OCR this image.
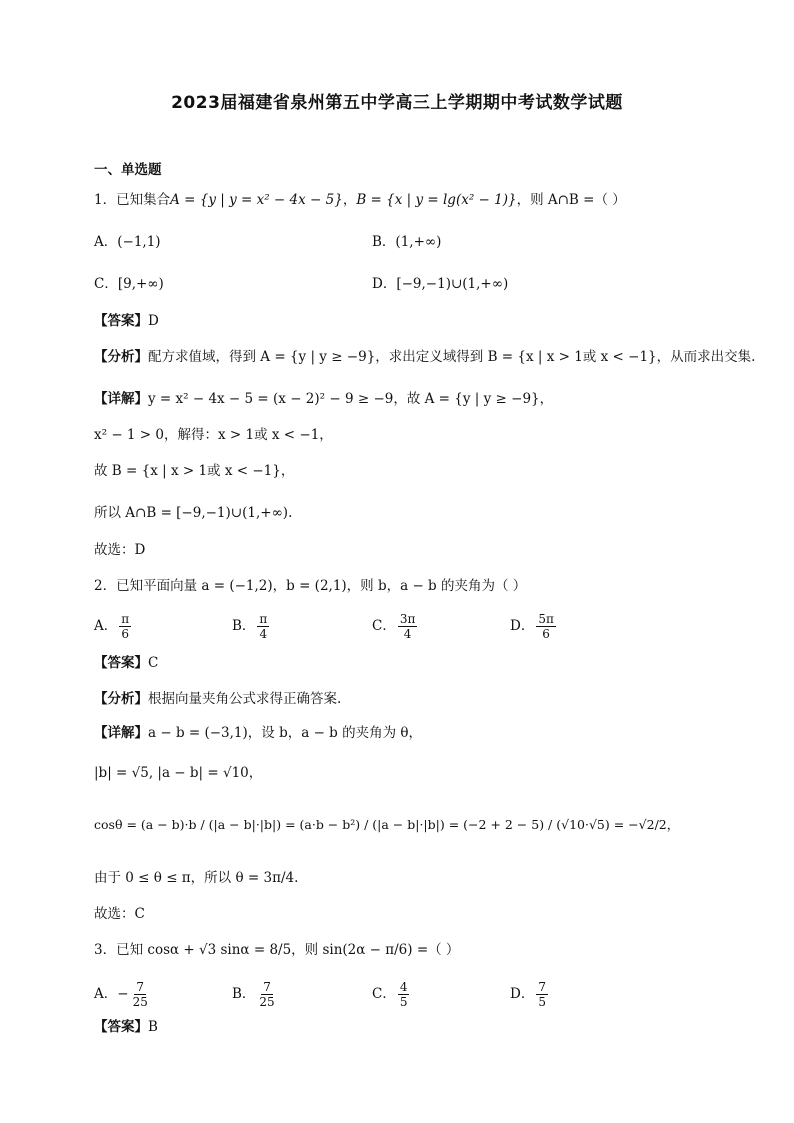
2023届福建省泉州第五中学高三上学期期中考试数学试题
一、单选题
1．已知集合A = {y | y = x² − 4x − 5}，B = {x | y = lg(x² − 1)}，则 A∩B =（ ）
A．(−1,1)	B．(1,+∞)
C．[9,+∞)	D．[−9,−1)∪(1,+∞)
【答案】D
【分析】配方求值域，得到 A = {y | y ≥ −9}，求出定义域得到 B = {x | x > 1或 x < −1}，从而求出交集.
【详解】y = x² − 4x − 5 = (x − 2)² − 9 ≥ −9，故 A = {y | y ≥ −9}，
x² − 1 > 0，解得：x > 1或 x < −1，
故 B = {x | x > 1或 x < −1}，
所以 A∩B = [−9,−1)∪(1,+∞).
故选：D
2．已知平面向量 a = (−1,2)，b = (2,1)，则 b，a − b 的夹角为（ ）
A． $\frac{\pi}{6}$	B． $\frac{\pi}{4}$	C． $\frac{3\pi}{4}$	D． $\frac{5\pi}{6}$
【答案】C
【分析】根据向量夹角公式求得正确答案.
【详解】a − b = (−3,1)，设 b，a − b 的夹角为 θ，
|b| = √5, |a − b| = √10，
cosθ = (a − b)·b / (|a − b|·|b|) = (a·b − b²) / (|a − b|·|b|) = (−2 + 2 − 5) / (√10·√5) = −√2/2，
由于 0 ≤ θ ≤ π，所以 θ = 3π/4.
故选：C
3．已知 cosα + √3 sinα = 8/5，则 sin(2α − π/6) =（ ）
A．− $\frac{7}{25}$	B． $\frac{7}{25}$	C． $\frac{4}{5}$	D． $\frac{7}{5}$
【答案】B
